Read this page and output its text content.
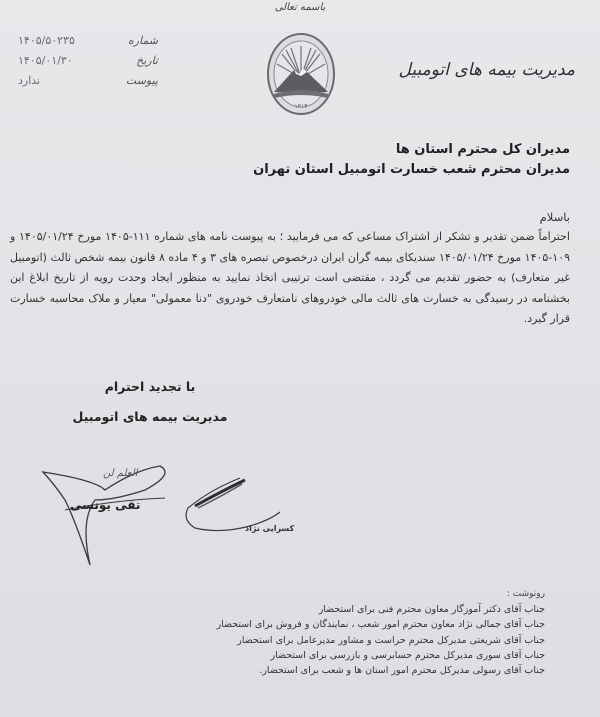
باسمه تعالی
۱۴۰۵/۵۰۲۳۵	شماره
۱۴۰۵/۰۱/۳۰	تاریخ
ندارد	پیوست
۱۳۱۴
مدیریت بیمه های اتومبیل
مدیران کل محترم استان ها
مدیران محترم شعب خسارت اتومبیل استان تهران
باسلام
احتراماً ضمن تقدیر و تشکر از اشتراک مساعی که می فرمایید ؛ به پیوست نامه های شماره ۱۱۱-۱۴۰۵ مورخ ۱۴۰۵/۰۱/۲۴ و ۱۰۹-۱۴۰۵ مورخ ۱۴۰۵/۰۱/۲۴ سندیکای بیمه گران ایران درخصوص تبصره های ۳ و ۴ ماده ۸ قانون بیمه شخص ثالث (اتومبیل غیر متعارف) به حضور تقدیم می گردد ، مقتضی است ترتیبی اتخاذ نمایید به منظور ایجاد وحدت رویه از تاریخ ابلاغ این بخشنامه در رسیدگی به خسارت های ثالث مالی خودروهای نامتعارف خودروی "دنا معمولی" معیار و ملاک محاسبه خسارت قرار گیرد.
با تجدید احترام
مدیریت بیمه های اتومبیل
العلم لن
تقی یونسی
کسرایی نژاد
رونوشت :
جناب آقای دکتر آموزگار معاون محترم فنی برای استحضار
جناب آقای جمالی نژاد معاون محترم امور شعب ، نمایندگان و فروش برای استحضار
جناب آقای شریعتی مدیرکل محترم حراست و مشاور مدیرعامل برای استحضار
جناب آقای سوری مدیرکل محترم حسابرسی و بازرسی برای استحضار
جناب آقای رسولی مدیرکل محترم امور استان ها و شعب برای استحضار.
